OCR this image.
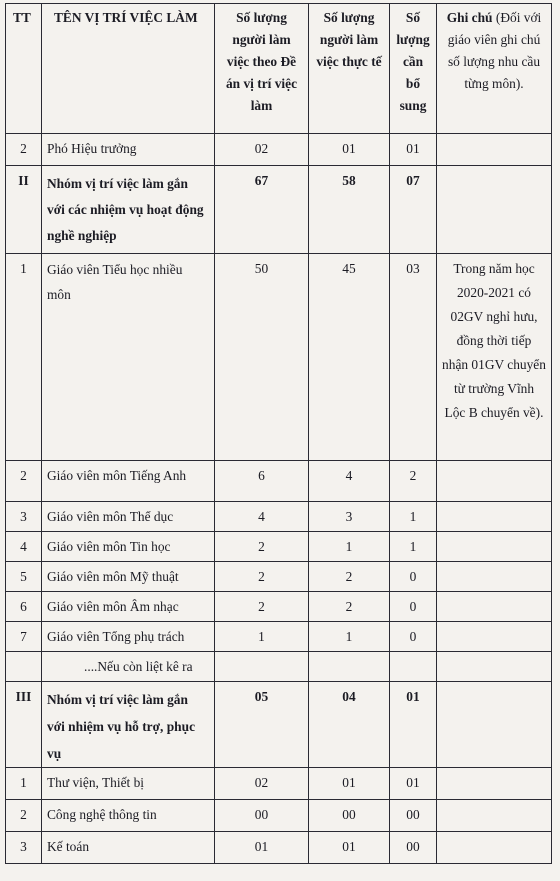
TT	TÊN VỊ TRÍ VIỆC LÀM	Số lượng người làm việc theo Đề án vị trí việc làm	Số lượng người làm việc thực tế	Số lượng cần bổ sung	Ghi chú (Đối với giáo viên ghi chú số lượng nhu cầu từng môn).
2	Phó Hiệu trưởng	02	01	01	
II	Nhóm vị trí việc làm gắn với các nhiệm vụ hoạt động nghề nghiệp	67	58	07	
1	Giáo viên Tiểu học nhiều môn	50	45	03	Trong năm học 2020-2021 có 02GV nghỉ hưu, đồng thời tiếp nhận 01GV chuyển từ trường Vĩnh Lộc B chuyển về).
2	Giáo viên môn Tiếng Anh	6	4	2	
3	Giáo viên môn Thể dục	4	3	1	
4	Giáo viên môn Tin học	2	1	1	
5	Giáo viên môn Mỹ thuật	2	2	0	
6	Giáo viên môn Âm nhạc	2	2	0	
7	Giáo viên Tổng phụ trách	1	1	0	
	....Nếu còn liệt kê ra				
III	Nhóm vị trí việc làm gắn với nhiệm vụ hỗ trợ, phục vụ	05	04	01	
1	Thư viện, Thiết bị	02	01	01	
2	Công nghệ thông tin	00	00	00	
3	Kế toán	01	01	00	
